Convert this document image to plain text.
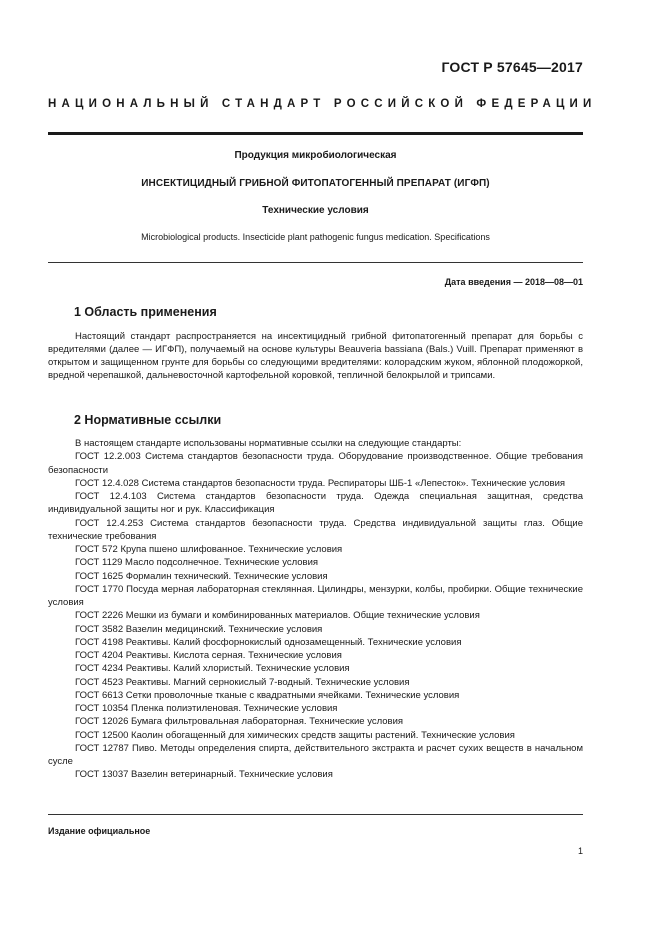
ГОСТ Р 57645—2017
НАЦИОНАЛЬНЫЙ СТАНДАРТ РОССИЙСКОЙ ФЕДЕРАЦИИ
Продукция микробиологическая
ИНСЕКТИЦИДНЫЙ ГРИБНОЙ ФИТОПАТОГЕННЫЙ ПРЕПАРАТ (ИГФП)
Технические условия
Microbiological products. Insecticide plant pathogenic fungus medication. Specifications
Дата введения — 2018—08—01
1 Область применения
Настоящий стандарт распространяется на инсектицидный грибной фитопатогенный препарат для борьбы с вредителями (далее — ИГФП), получаемый на основе культуры Beauveria bassiana (Bals.) Vuill. Препарат применяют в открытом и защищенном грунте для борьбы со следующими вредителями: колорадским жуком, яблонной плодожоркой, вредной черепашкой, дальневосточной картофельной коровкой, тепличной белокрылой и трипсами.
2 Нормативные ссылки
В настоящем стандарте использованы нормативные ссылки на следующие стандарты:
ГОСТ 12.2.003 Система стандартов безопасности труда. Оборудование производственное. Общие требования безопасности
ГОСТ 12.4.028 Система стандартов безопасности труда. Респираторы ШБ-1 «Лепесток». Технические условия
ГОСТ 12.4.103 Система стандартов безопасности труда. Одежда специальная защитная, средства индивидуальной защиты ног и рук. Классификация
ГОСТ 12.4.253 Система стандартов безопасности труда. Средства индивидуальной защиты глаз. Общие технические требования
ГОСТ 572 Крупа пшено шлифованное. Технические условия
ГОСТ 1129 Масло подсолнечное. Технические условия
ГОСТ 1625 Формалин технический. Технические условия
ГОСТ 1770 Посуда мерная лабораторная стеклянная. Цилиндры, мензурки, колбы, пробирки. Общие технические условия
ГОСТ 2226 Мешки из бумаги и комбинированных материалов. Общие технические условия
ГОСТ 3582 Вазелин медицинский. Технические условия
ГОСТ 4198 Реактивы. Калий фосфорнокислый однозамещенный. Технические условия
ГОСТ 4204 Реактивы. Кислота серная. Технические условия
ГОСТ 4234 Реактивы. Калий хлористый. Технические условия
ГОСТ 4523 Реактивы. Магний сернокислый 7-водный. Технические условия
ГОСТ 6613 Сетки проволочные тканые с квадратными ячейками. Технические условия
ГОСТ 10354 Пленка полиэтиленовая. Технические условия
ГОСТ 12026 Бумага фильтровальная лабораторная. Технические условия
ГОСТ 12500 Каолин обогащенный для химических средств защиты растений. Технические условия
ГОСТ 12787 Пиво. Методы определения спирта, действительного экстракта и расчет сухих веществ в начальном сусле
ГОСТ 13037 Вазелин ветеринарный. Технические условия
Издание официальное
1
